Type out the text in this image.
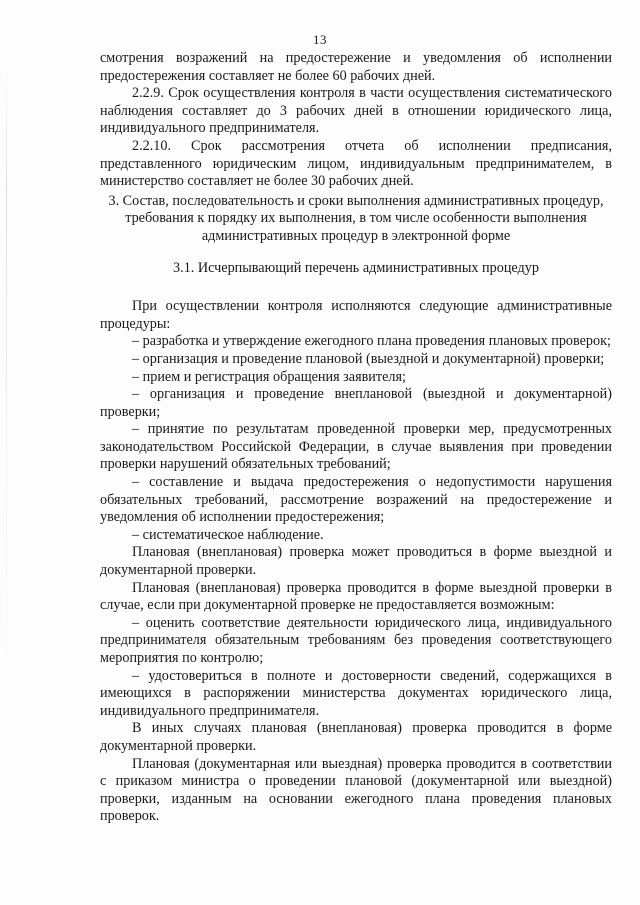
13

смотрения возражений на предостережение и уведомления об исполнении предостережения составляет не более 60 рабочих дней.

2.2.9. Срок осуществления контроля в части осуществления систематического наблюдения составляет до 3 рабочих дней в отношении юридического лица, индивидуального предпринимателя.

2.2.10. Срок рассмотрения отчета об исполнении предписания, представленного юридическим лицом, индивидуальным предпринимателем, в министерство составляет не более 30 рабочих дней.

3. Состав, последовательность и сроки выполнения административных процедур, требования к порядку их выполнения, в том числе особенности выполнения административных процедур в электронной форме

3.1. Исчерпывающий перечень административных процедур

При осуществлении контроля исполняются следующие административные процедуры:

– разработка и утверждение ежегодного плана проведения плановых проверок;

– организация и проведение плановой (выездной и документарной) проверки;

– прием и регистрация обращения заявителя;

– организация и проведение внеплановой (выездной и документарной) проверки;

– принятие по результатам проведенной проверки мер, предусмотренных законодательством Российской Федерации, в случае выявления при проведении проверки нарушений обязательных требований;

– составление и выдача предостережения о недопустимости нарушения обязательных требований, рассмотрение возражений на предостережение и уведомления об исполнении предостережения;

– систематическое наблюдение.

Плановая (внеплановая) проверка может проводиться в форме выездной и документарной проверки.

Плановая (внеплановая) проверка проводится в форме выездной проверки в случае, если при документарной проверке не предоставляется возможным:

– оценить соответствие деятельности юридического лица, индивидуального предпринимателя обязательным требованиям без проведения соответствующего мероприятия по контролю;

– удостовериться в полноте и достоверности сведений, содержащихся в имеющихся в распоряжении министерства документах юридического лица, индивидуального предпринимателя.

В иных случаях плановая (внеплановая) проверка проводится в форме документарной проверки.

Плановая (документарная или выездная) проверка проводится в соответствии с приказом министра о проведении плановой (документарной или выездной) проверки, изданным на основании ежегодного плана проведения плановых проверок.
